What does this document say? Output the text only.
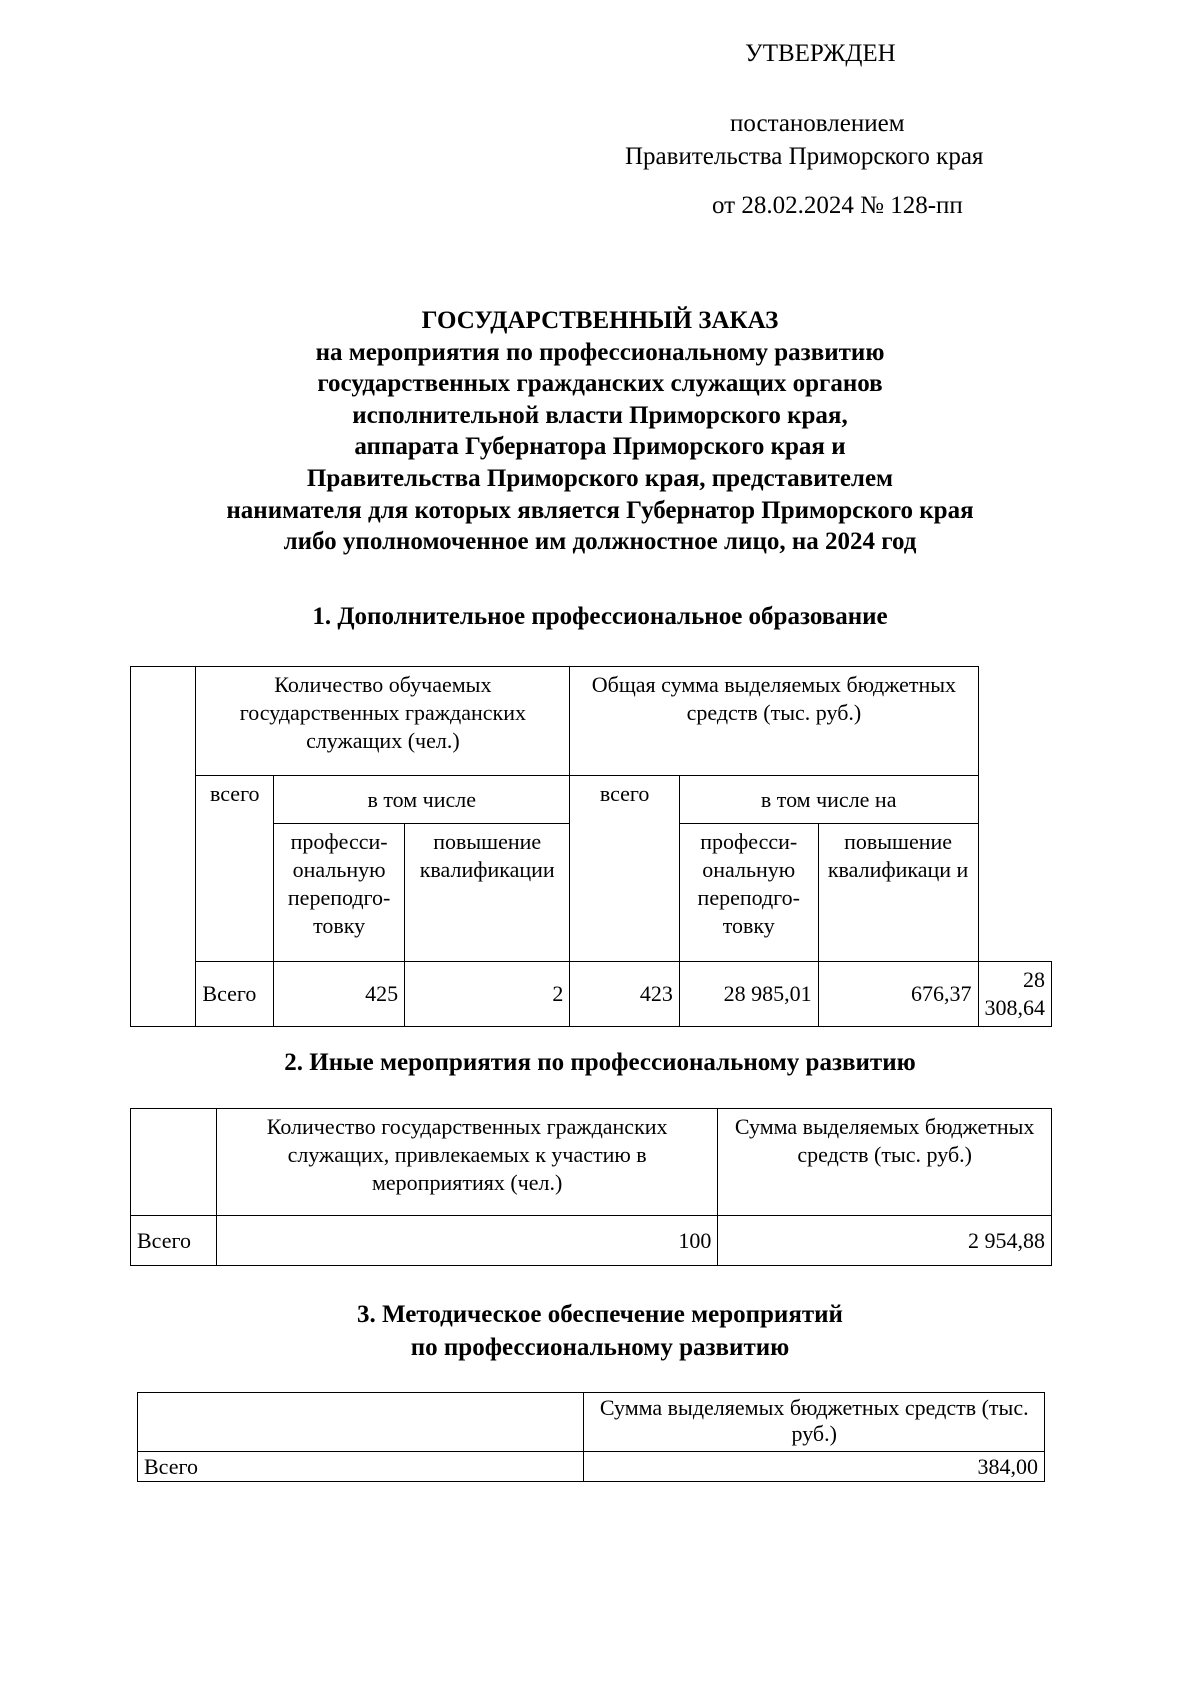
УТВЕРЖДЕН
постановлением
Правительства Приморского края
от 28.02.2024 № 128-пп
ГОСУДАРСТВЕННЫЙ ЗАКАЗ
на мероприятия по профессиональному развитию
государственных гражданских служащих органов
исполнительной власти Приморского края,
аппарата Губернатора Приморского края и
Правительства Приморского края, представителем
нанимателя для которых является Губернатор Приморского края
либо уполномоченное им должностное лицо, на 2024 год
1. Дополнительное профессиональное образование
	Количество обучаемых государственных гражданских служащих (чел.)			Общая сумма выделяемых бюджетных средств (тыс. руб.)			
	всего	в том числе		всего	в том числе на		
		професси-ональную переподго-товку	повышение квалификации		професси-ональную переподго-товку	повышение квалификаци и	
	Всего	425	2	423	28 985,01	676,37	28 308,64
2. Иные мероприятия по профессиональному развитию
	Количество государственных гражданских служащих, привлекаемых к участию в мероприятиях (чел.)	Сумма выделяемых бюджетных средств (тыс. руб.)
Всего	100	2 954,88
3. Методическое обеспечение мероприятий
по профессиональному развитию
	Сумма выделяемых бюджетных средств (тыс. руб.)
Всего	384,00
